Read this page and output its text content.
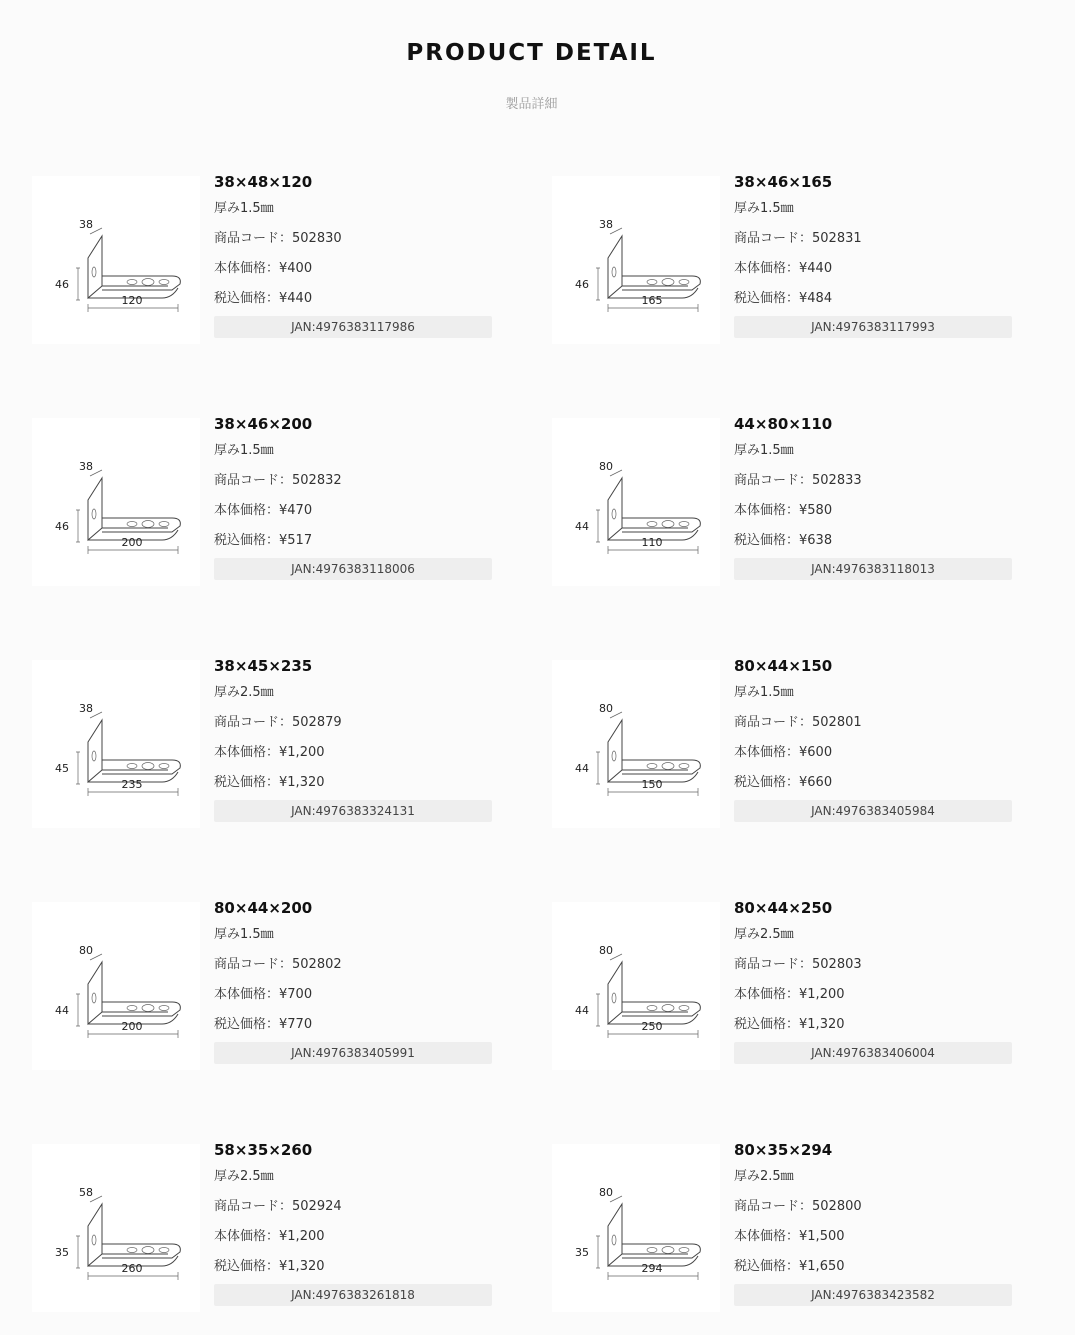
PRODUCT DETAIL
製品詳細
38
46
120
38×48×120
厚み1.5㎜
商品コード：502830
本体価格：¥400
税込価格：¥440
JAN:4976383117986
38
46
165
38×46×165
厚み1.5㎜
商品コード：502831
本体価格：¥440
税込価格：¥484
JAN:4976383117993
38
46
200
38×46×200
厚み1.5㎜
商品コード：502832
本体価格：¥470
税込価格：¥517
JAN:4976383118006
80
44
110
44×80×110
厚み1.5㎜
商品コード：502833
本体価格：¥580
税込価格：¥638
JAN:4976383118013
38
45
235
38×45×235
厚み2.5㎜
商品コード：502879
本体価格：¥1,200
税込価格：¥1,320
JAN:4976383324131
80
44
150
80×44×150
厚み1.5㎜
商品コード：502801
本体価格：¥600
税込価格：¥660
JAN:4976383405984
80
44
200
80×44×200
厚み1.5㎜
商品コード：502802
本体価格：¥700
税込価格：¥770
JAN:4976383405991
80
44
250
80×44×250
厚み2.5㎜
商品コード：502803
本体価格：¥1,200
税込価格：¥1,320
JAN:4976383406004
58
35
260
58×35×260
厚み2.5㎜
商品コード：502924
本体価格：¥1,200
税込価格：¥1,320
JAN:4976383261818
80
35
294
80×35×294
厚み2.5㎜
商品コード：502800
本体価格：¥1,500
税込価格：¥1,650
JAN:4976383423582
